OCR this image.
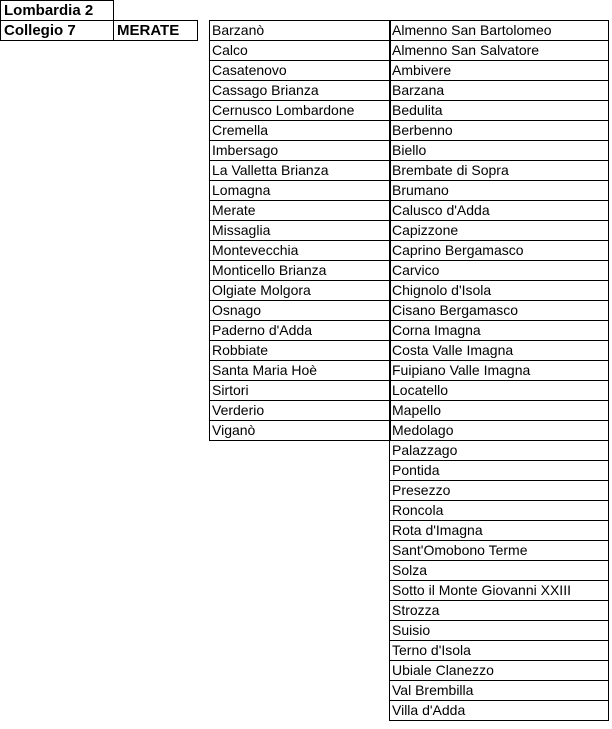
Lombardia 2
Collegio 7	MERATE	Barzanò
Calco
Casatenovo
Cassago Brianza
Cernusco Lombardone
Cremella
Imbersago
La Valletta Brianza
Lomagna
Merate
Missaglia
Montevecchia
Monticello Brianza
Olgiate Molgora
Osnago
Paderno d'Adda
Robbiate
Santa Maria Hoè
Sirtori
Verderio
Viganò
Almenno San Bartolomeo
Almenno San Salvatore
Ambivere
Barzana
Bedulita
Berbenno
Biello
Brembate di Sopra
Brumano
Calusco d'Adda
Capizzone
Caprino Bergamasco
Carvico
Chignolo d'Isola
Cisano Bergamasco
Corna Imagna
Costa Valle Imagna
Fuipiano Valle Imagna
Locatello
Mapello
Medolago
Palazzago
Pontida
Presezzo
Roncola
Rota d'Imagna
Sant'Omobono Terme
Solza
Sotto il Monte Giovanni XXIII
Strozza
Suisio
Terno d'Isola
Ubiale Clanezzo
Val Brembilla
Villa d'Adda
